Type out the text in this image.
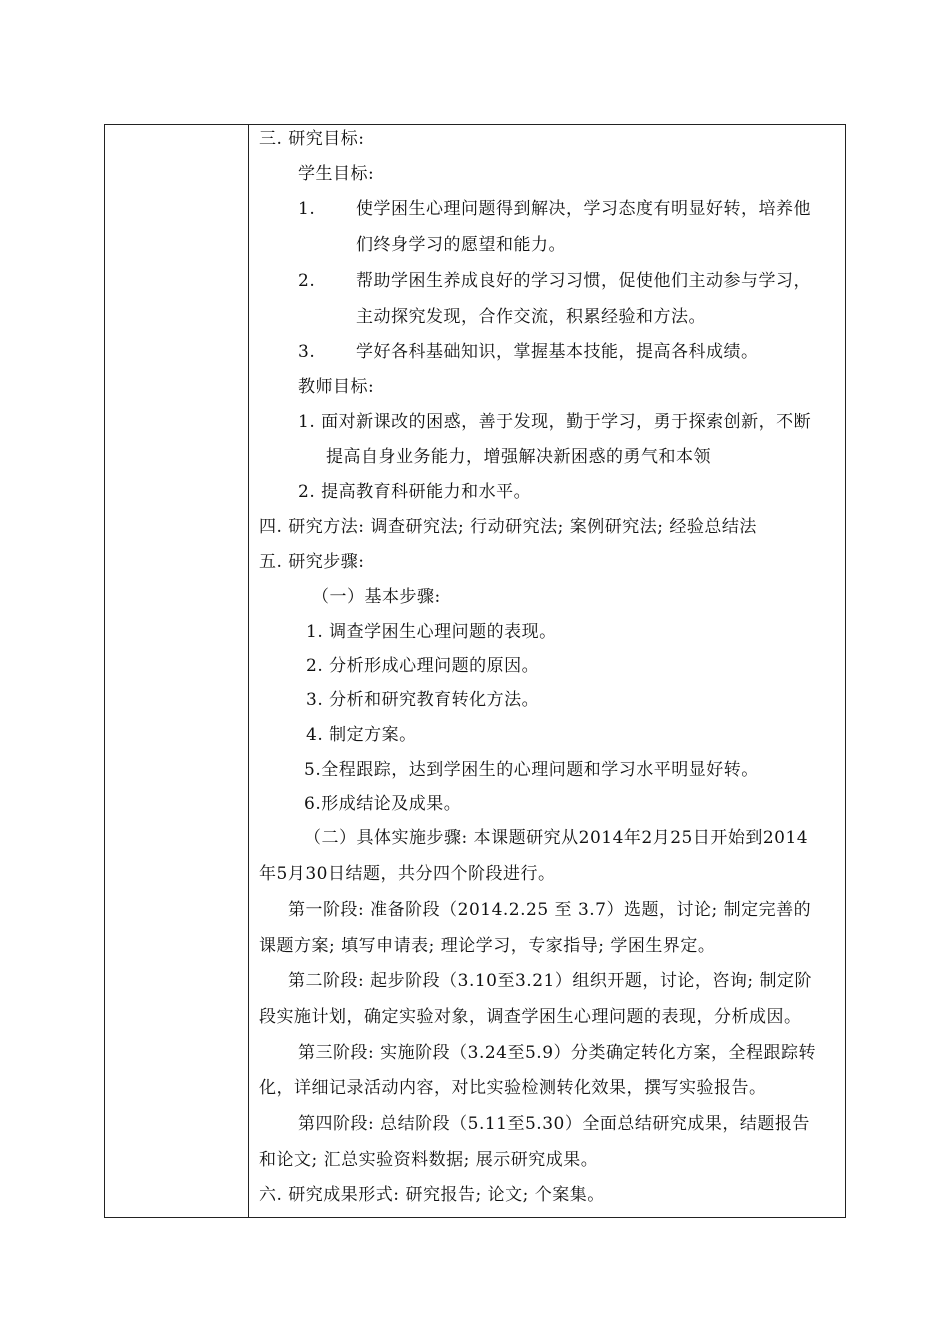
三. 研究目标:
学生目标:
1. 使学困生心理问题得到解决，学习态度有明显好转，培养他
们终身学习的愿望和能力。
2. 帮助学困生养成良好的学习习惯，促使他们主动参与学习，
主动探究发现，合作交流，积累经验和方法。
3. 学好各科基础知识，掌握基本技能，提高各科成绩。
教师目标:
1. 面对新课改的困惑，善于发现，勤于学习，勇于探索创新，不断
提高自身业务能力，增强解决新困惑的勇气和本领
2. 提高教育科研能力和水平。
四. 研究方法: 调查研究法; 行动研究法; 案例研究法; 经验总结法
五. 研究步骤:
（一）基本步骤:
1. 调查学困生心理问题的表现。
2. 分析形成心理问题的原因。
3. 分析和研究教育转化方法。
4. 制定方案。
5.全程跟踪，达到学困生的心理问题和学习水平明显好转。
6.形成结论及成果。
（二）具体实施步骤: 本课题研究从2014年2月25日开始到2014
年5月30日结题，共分四个阶段进行。
第一阶段: 准备阶段（2014.2.25 至 3.7）选题，讨论; 制定完善的
课题方案; 填写申请表; 理论学习，专家指导; 学困生界定。
第二阶段: 起步阶段（3.10至3.21）组织开题，讨论，咨询; 制定阶
段实施计划，确定实验对象，调查学困生心理问题的表现，分析成因。
第三阶段: 实施阶段（3.24至5.9）分类确定转化方案，全程跟踪转
化，详细记录活动内容，对比实验检测转化效果，撰写实验报告。
第四阶段: 总结阶段（5.11至5.30）全面总结研究成果，结题报告
和论文; 汇总实验资料数据; 展示研究成果。
六. 研究成果形式: 研究报告; 论文; 个案集。
